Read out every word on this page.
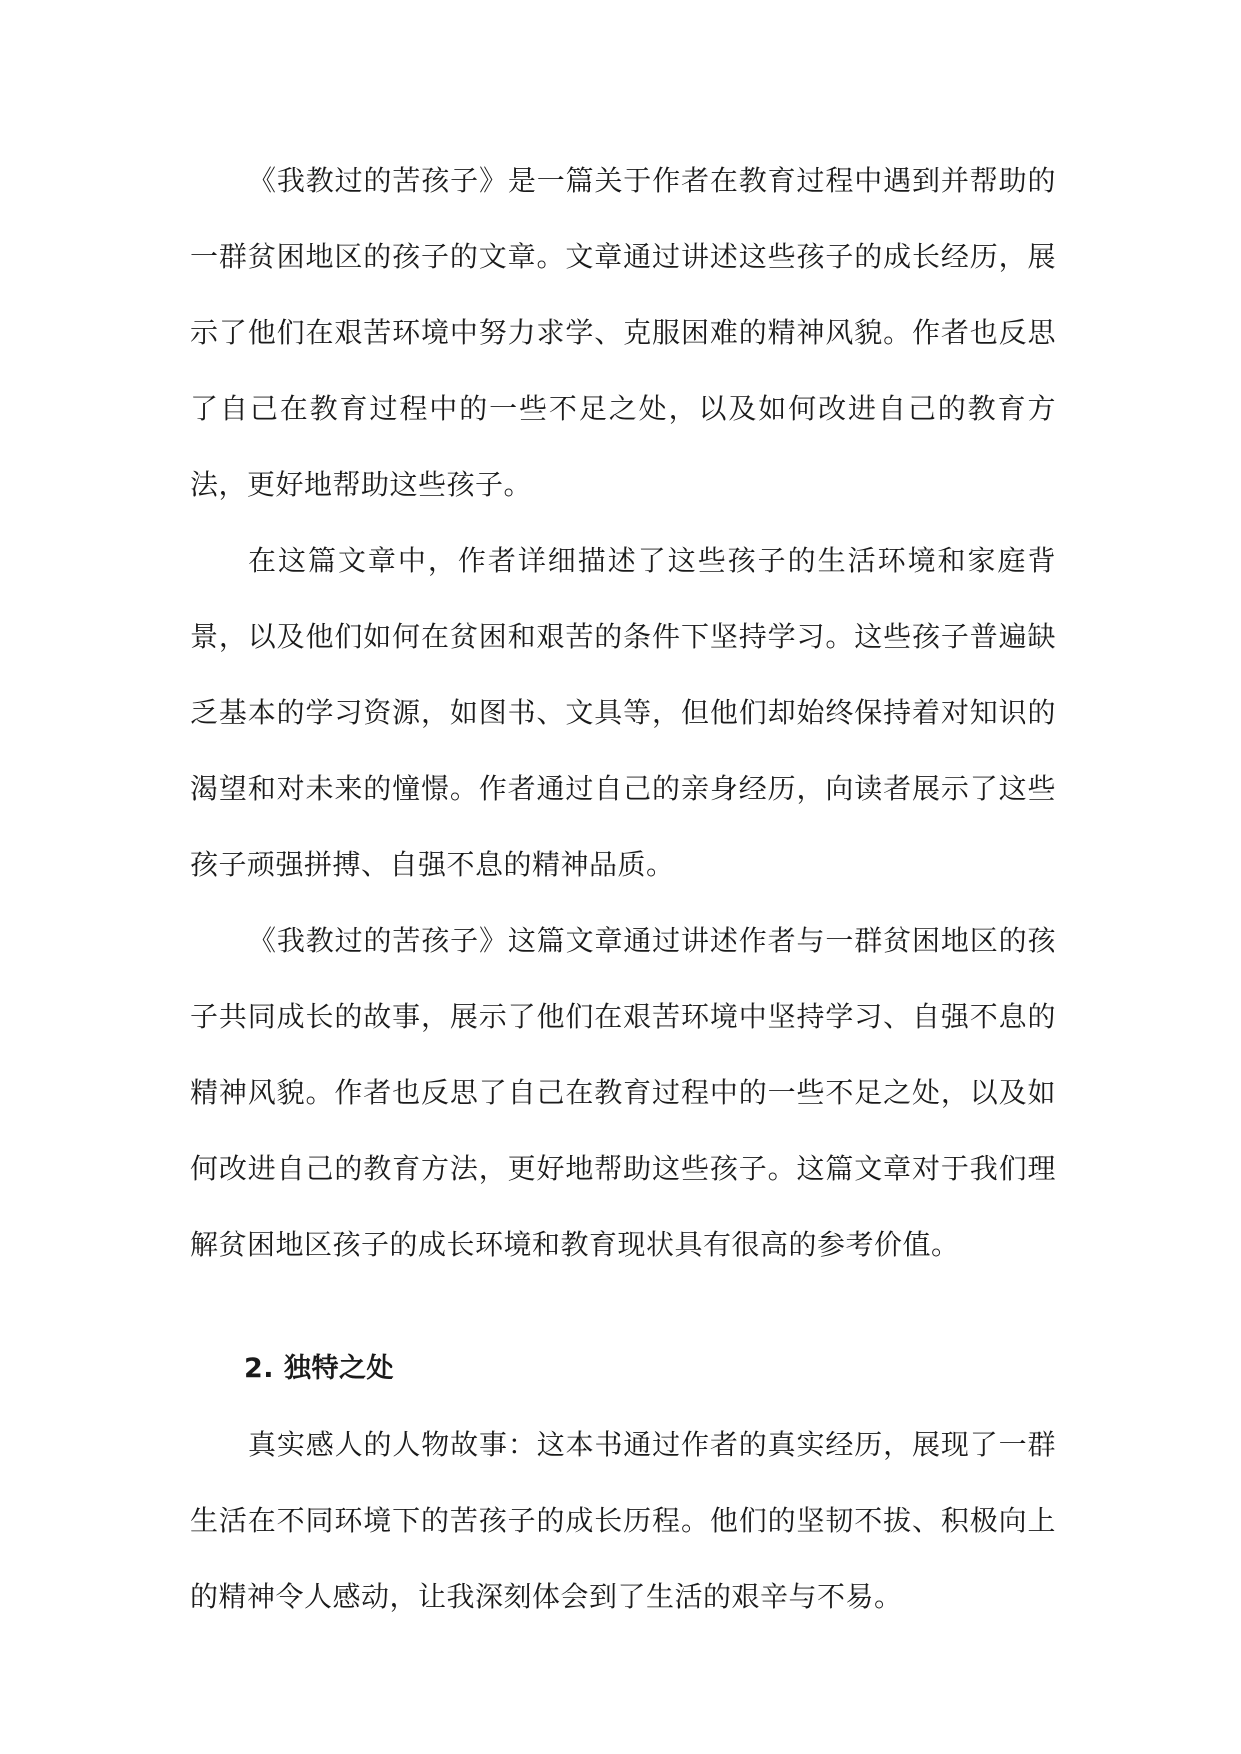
《我教过的苦孩子》是一篇关于作者在教育过程中遇到并帮助的一群贫困地区的孩子的文章。文章通过讲述这些孩子的成长经历，展示了他们在艰苦环境中努力求学、克服困难的精神风貌。作者也反思了自己在教育过程中的一些不足之处，以及如何改进自己的教育方法，更好地帮助这些孩子。

在这篇文章中，作者详细描述了这些孩子的生活环境和家庭背景，以及他们如何在贫困和艰苦的条件下坚持学习。这些孩子普遍缺乏基本的学习资源，如图书、文具等，但他们却始终保持着对知识的渴望和对未来的憧憬。作者通过自己的亲身经历，向读者展示了这些孩子顽强拼搏、自强不息的精神品质。

《我教过的苦孩子》这篇文章通过讲述作者与一群贫困地区的孩子共同成长的故事，展示了他们在艰苦环境中坚持学习、自强不息的精神风貌。作者也反思了自己在教育过程中的一些不足之处，以及如何改进自己的教育方法，更好地帮助这些孩子。这篇文章对于我们理解贫困地区孩子的成长环境和教育现状具有很高的参考价值。

2. 独特之处

真实感人的人物故事：这本书通过作者的真实经历，展现了一群生活在不同环境下的苦孩子的成长历程。他们的坚韧不拔、积极向上的精神令人感动，让我深刻体会到了生活的艰辛与不易。
